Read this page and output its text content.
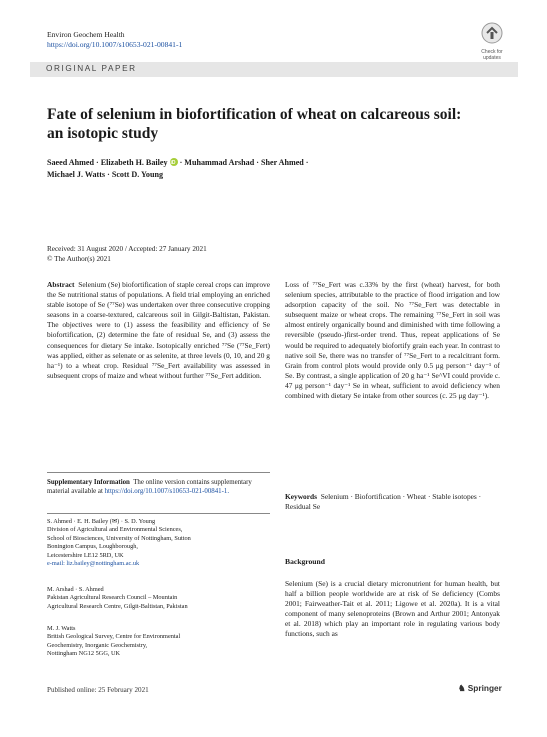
Environ Geochem Health
https://doi.org/10.1007/s10653-021-00841-1
Check for
updates
ORIGINAL PAPER
Fate of selenium in biofortification of wheat on calcareous soil: an isotopic study
Saeed Ahmed · Elizabeth H. Bailey iD · Muhammad Arshad · Sher Ahmed ·
Michael J. Watts · Scott D. Young
Received: 31 August 2020 / Accepted: 27 January 2021
© The Author(s) 2021
Abstract Selenium (Se) biofortification of staple cereal crops can improve the Se nutritional status of populations. A field trial employing an enriched stable isotope of Se (⁷⁷Se) was undertaken over three consecutive cropping seasons in a coarse-textured, calcareous soil in Gilgit-Baltistan, Pakistan. The objectives were to (1) assess the feasibility and efficiency of Se biofortification, (2) determine the fate of residual Se, and (3) assess the consequences for dietary Se intake. Isotopically enriched ⁷⁷Se (⁷⁷Se_Fert) was applied, either as selenate or as selenite, at three levels (0, 10, and 20 g ha⁻¹) to a wheat crop. Residual ⁷⁷Se_Fert availability was assessed in subsequent crops of maize and wheat without further ⁷⁷Se_Fert addition.
Loss of ⁷⁷Se_Fert was c.33% by the first (wheat) harvest, for both selenium species, attributable to the practice of flood irrigation and low adsorption capacity of the soil. No ⁷⁷Se_Fert was detectable in subsequent maize or wheat crops. The remaining ⁷⁷Se_Fert in soil was almost entirely organically bound and diminished with time following a reversible (pseudo-)first-order trend. Thus, repeat applications of Se would be required to adequately biofortify grain each year. In contrast to native soil Se, there was no transfer of ⁷⁷Se_Fert to a recalcitrant form. Grain from control plots would provide only 0.5 μg person⁻¹ day⁻¹ of Se. By contrast, a single application of 20 g ha⁻¹ Se^VI could provide c. 47 μg person⁻¹ day⁻¹ Se in wheat, sufficient to avoid deficiency when combined with dietary Se intake from other sources (c. 25 μg day⁻¹).
Keywords Selenium · Biofortification · Wheat · Stable isotopes · Residual Se
Background
Selenium (Se) is a crucial dietary micronutrient for human health, but half a billion people worldwide are at risk of Se deficiency (Combs 2001; Fairweather-Tait et al. 2011; Ligowe et al. 2020a). It is a vital component of many selenoproteins (Brown and Arthur 2001; Antonyak et al. 2018) which play an important role in regulating various body functions, such as
Supplementary Information The online version contains supplementary material available at https://doi.org/10.1007/s10653-021-00841-1.
S. Ahmed · E. H. Bailey (✉) · S. D. Young
Division of Agricultural and Environmental Sciences,
School of Biosciences, University of Nottingham, Sutton
Bonington Campus, Loughborough,
Leicestershire LE12 5RD, UK
e-mail: liz.bailey@nottingham.ac.uk
M. Arshad · S. Ahmed
Pakistan Agricultural Research Council – Mountain
Agricultural Research Centre, Gilgit-Baltistan, Pakistan
M. J. Watts
British Geological Survey, Centre for Environmental
Geochemistry, Inorganic Geochemistry,
Nottingham NG12 5GG, UK
Published online: 25 February 2021	♞ Springer
